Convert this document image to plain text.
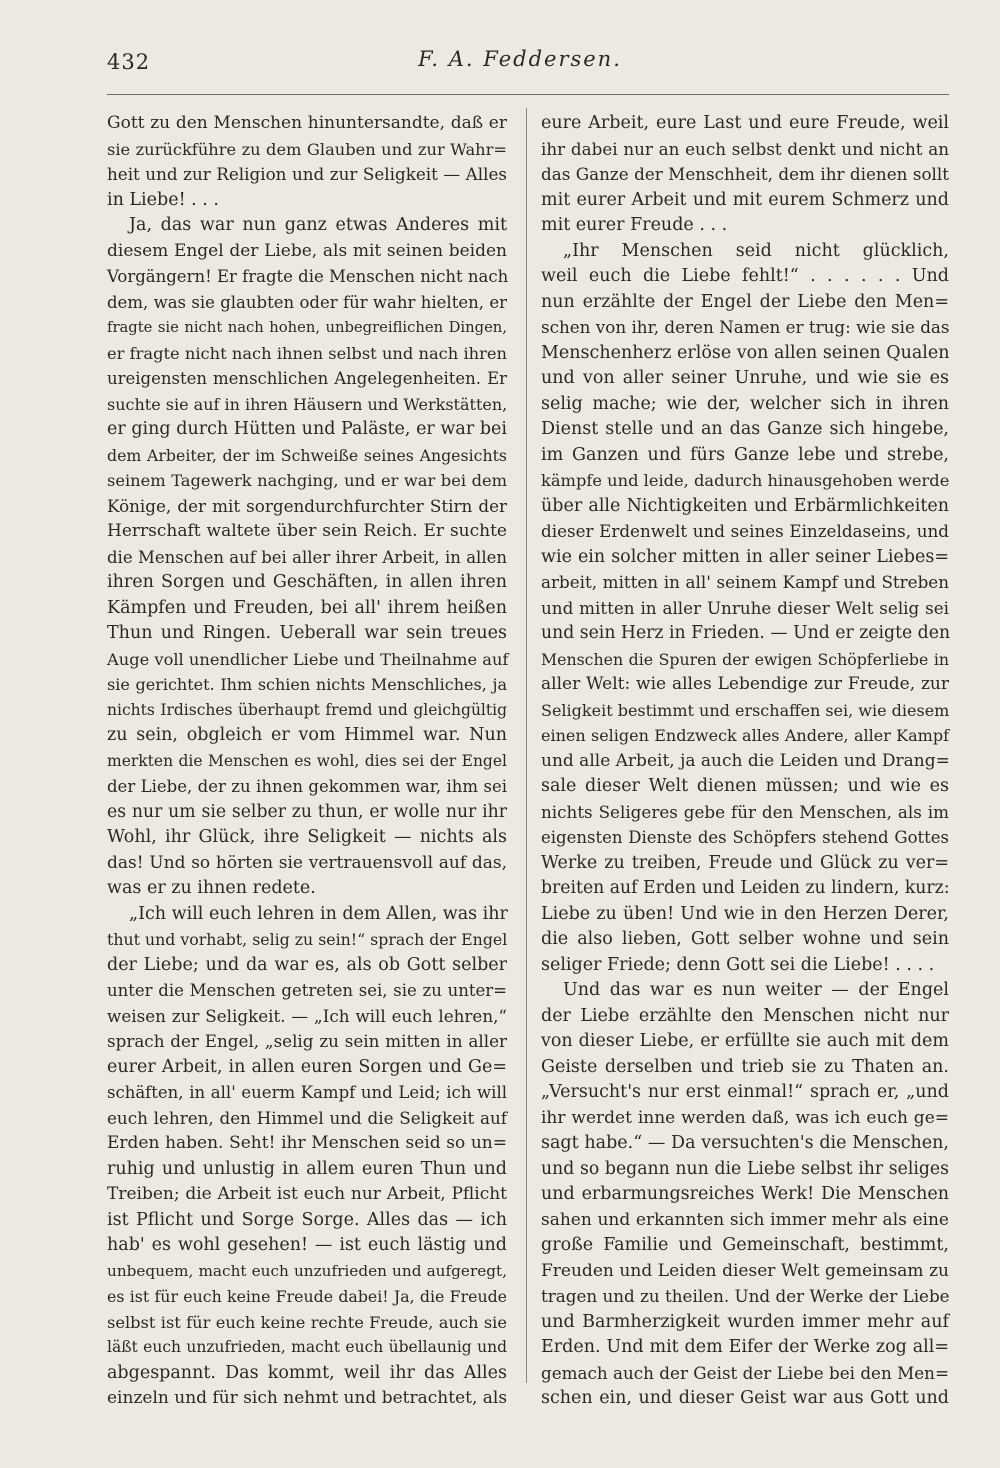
432	F. A. Feddersen.
Gott zu den Menschen hinuntersandte, daß er
sie zurückführe zu dem Glauben und zur Wahr=
heit und zur Religion und zur Seligkeit — Alles
in Liebe! . . .
Ja, das war nun ganz etwas Anderes mit
diesem Engel der Liebe, als mit seinen beiden
Vorgängern! Er fragte die Menschen nicht nach
dem, was sie glaubten oder für wahr hielten, er
fragte sie nicht nach hohen, unbegreiflichen Dingen,
er fragte nicht nach ihnen selbst und nach ihren
ureigensten menschlichen Angelegenheiten. Er
suchte sie auf in ihren Häusern und Werkstätten,
er ging durch Hütten und Paläste, er war bei
dem Arbeiter, der im Schweiße seines Angesichts
seinem Tagewerk nachging, und er war bei dem
Könige, der mit sorgendurchfurchter Stirn der
Herrschaft waltete über sein Reich. Er suchte
die Menschen auf bei aller ihrer Arbeit, in allen
ihren Sorgen und Geschäften, in allen ihren
Kämpfen und Freuden, bei all' ihrem heißen
Thun und Ringen. Ueberall war sein treues
Auge voll unendlicher Liebe und Theilnahme auf
sie gerichtet. Ihm schien nichts Menschliches, ja
nichts Irdisches überhaupt fremd und gleichgültig
zu sein, obgleich er vom Himmel war. Nun
merkten die Menschen es wohl, dies sei der Engel
der Liebe, der zu ihnen gekommen war, ihm sei
es nur um sie selber zu thun, er wolle nur ihr
Wohl, ihr Glück, ihre Seligkeit — nichts als
das! Und so hörten sie vertrauensvoll auf das,
was er zu ihnen redete.
„Ich will euch lehren in dem Allen, was ihr
thut und vorhabt, selig zu sein!“ sprach der Engel
der Liebe; und da war es, als ob Gott selber
unter die Menschen getreten sei, sie zu unter=
weisen zur Seligkeit. — „Ich will euch lehren,“
sprach der Engel, „selig zu sein mitten in aller
eurer Arbeit, in allen euren Sorgen und Ge=
schäften, in all' euerm Kampf und Leid; ich will
euch lehren, den Himmel und die Seligkeit auf
Erden haben. Seht! ihr Menschen seid so un=
ruhig und unlustig in allem euren Thun und
Treiben; die Arbeit ist euch nur Arbeit, Pflicht
ist Pflicht und Sorge Sorge. Alles das — ich
hab' es wohl gesehen! — ist euch lästig und
unbequem, macht euch unzufrieden und aufgeregt,
es ist für euch keine Freude dabei! Ja, die Freude
selbst ist für euch keine rechte Freude, auch sie
läßt euch unzufrieden, macht euch übellaunig und
abgespannt. Das kommt, weil ihr das Alles
einzeln und für sich nehmt und betrachtet, als
eure Arbeit, eure Last und eure Freude, weil
ihr dabei nur an euch selbst denkt und nicht an
das Ganze der Menschheit, dem ihr dienen sollt
mit eurer Arbeit und mit eurem Schmerz und
mit eurer Freude . . .
„Ihr Menschen seid nicht glücklich,
weil euch die Liebe fehlt!“ . . . . . . Und
nun erzählte der Engel der Liebe den Men=
schen von ihr, deren Namen er trug: wie sie das
Menschenherz erlöse von allen seinen Qualen
und von aller seiner Unruhe, und wie sie es
selig mache; wie der, welcher sich in ihren
Dienst stelle und an das Ganze sich hingebe,
im Ganzen und fürs Ganze lebe und strebe,
kämpfe und leide, dadurch hinausgehoben werde
über alle Nichtigkeiten und Erbärmlichkeiten
dieser Erdenwelt und seines Einzeldaseins, und
wie ein solcher mitten in aller seiner Liebes=
arbeit, mitten in all' seinem Kampf und Streben
und mitten in aller Unruhe dieser Welt selig sei
und sein Herz in Frieden. — Und er zeigte den
Menschen die Spuren der ewigen Schöpferliebe in
aller Welt: wie alles Lebendige zur Freude, zur
Seligkeit bestimmt und erschaffen sei, wie diesem
einen seligen Endzweck alles Andere, aller Kampf
und alle Arbeit, ja auch die Leiden und Drang=
sale dieser Welt dienen müssen; und wie es
nichts Seligeres gebe für den Menschen, als im
eigensten Dienste des Schöpfers stehend Gottes
Werke zu treiben, Freude und Glück zu ver=
breiten auf Erden und Leiden zu lindern, kurz:
Liebe zu üben! Und wie in den Herzen Derer,
die also lieben, Gott selber wohne und sein
seliger Friede; denn Gott sei die Liebe! . . . .
Und das war es nun weiter — der Engel
der Liebe erzählte den Menschen nicht nur
von dieser Liebe, er erfüllte sie auch mit dem
Geiste derselben und trieb sie zu Thaten an.
„Versucht's nur erst einmal!“ sprach er, „und
ihr werdet inne werden daß, was ich euch ge=
sagt habe.“ — Da versuchten's die Menschen,
und so begann nun die Liebe selbst ihr seliges
und erbarmungsreiches Werk! Die Menschen
sahen und erkannten sich immer mehr als eine
große Familie und Gemeinschaft, bestimmt,
Freuden und Leiden dieser Welt gemeinsam zu
tragen und zu theilen. Und der Werke der Liebe
und Barmherzigkeit wurden immer mehr auf
Erden. Und mit dem Eifer der Werke zog all=
gemach auch der Geist der Liebe bei den Men=
schen ein, und dieser Geist war aus Gott und
